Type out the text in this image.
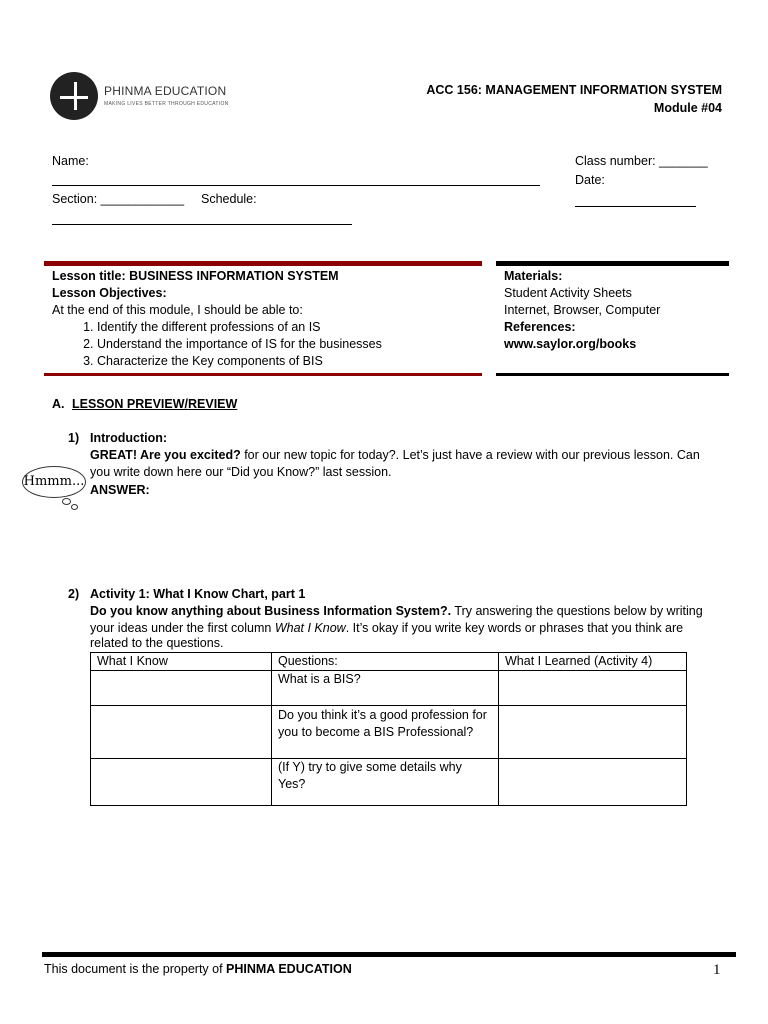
PHINMA EDUCATION
MAKING LIVES BETTER THROUGH EDUCATION
ACC 156: MANAGEMENT INFORMATION SYSTEM
Module #04
Name:
Section: ____________ Schedule:
Class number: _______
Date:
Lesson title: BUSINESS INFORMATION SYSTEM
Lesson Objectives:
At the end of this module, I should be able to:
1. Identify the different professions of an IS
2. Understand the importance of IS for the businesses
3. Characterize the Key components of BIS
Materials:
Student Activity Sheets
Internet, Browser, Computer
References:
www.saylor.org/books
A. LESSON PREVIEW/REVIEW
1) Introduction:
GREAT! Are you excited? for our new topic for today?. Let’s just have a review with our previous lesson. Can
you write down here our “Did you Know?” last session.
ANSWER:
Hmmm...
2) Activity 1: What I Know Chart, part 1
Do you know anything about Business Information System?. Try answering the questions below by writing
your ideas under the first column What I Know. It’s okay if you write key words or phrases that you think are
related to the questions.
What I Know	Questions:	What I Learned (Activity 4)
	What is a BIS?	
	Do you think it’s a good profession for you to become a BIS Professional?	
	(If Y) try to give some details why Yes?	
This document is the property of PHINMA EDUCATION	1
